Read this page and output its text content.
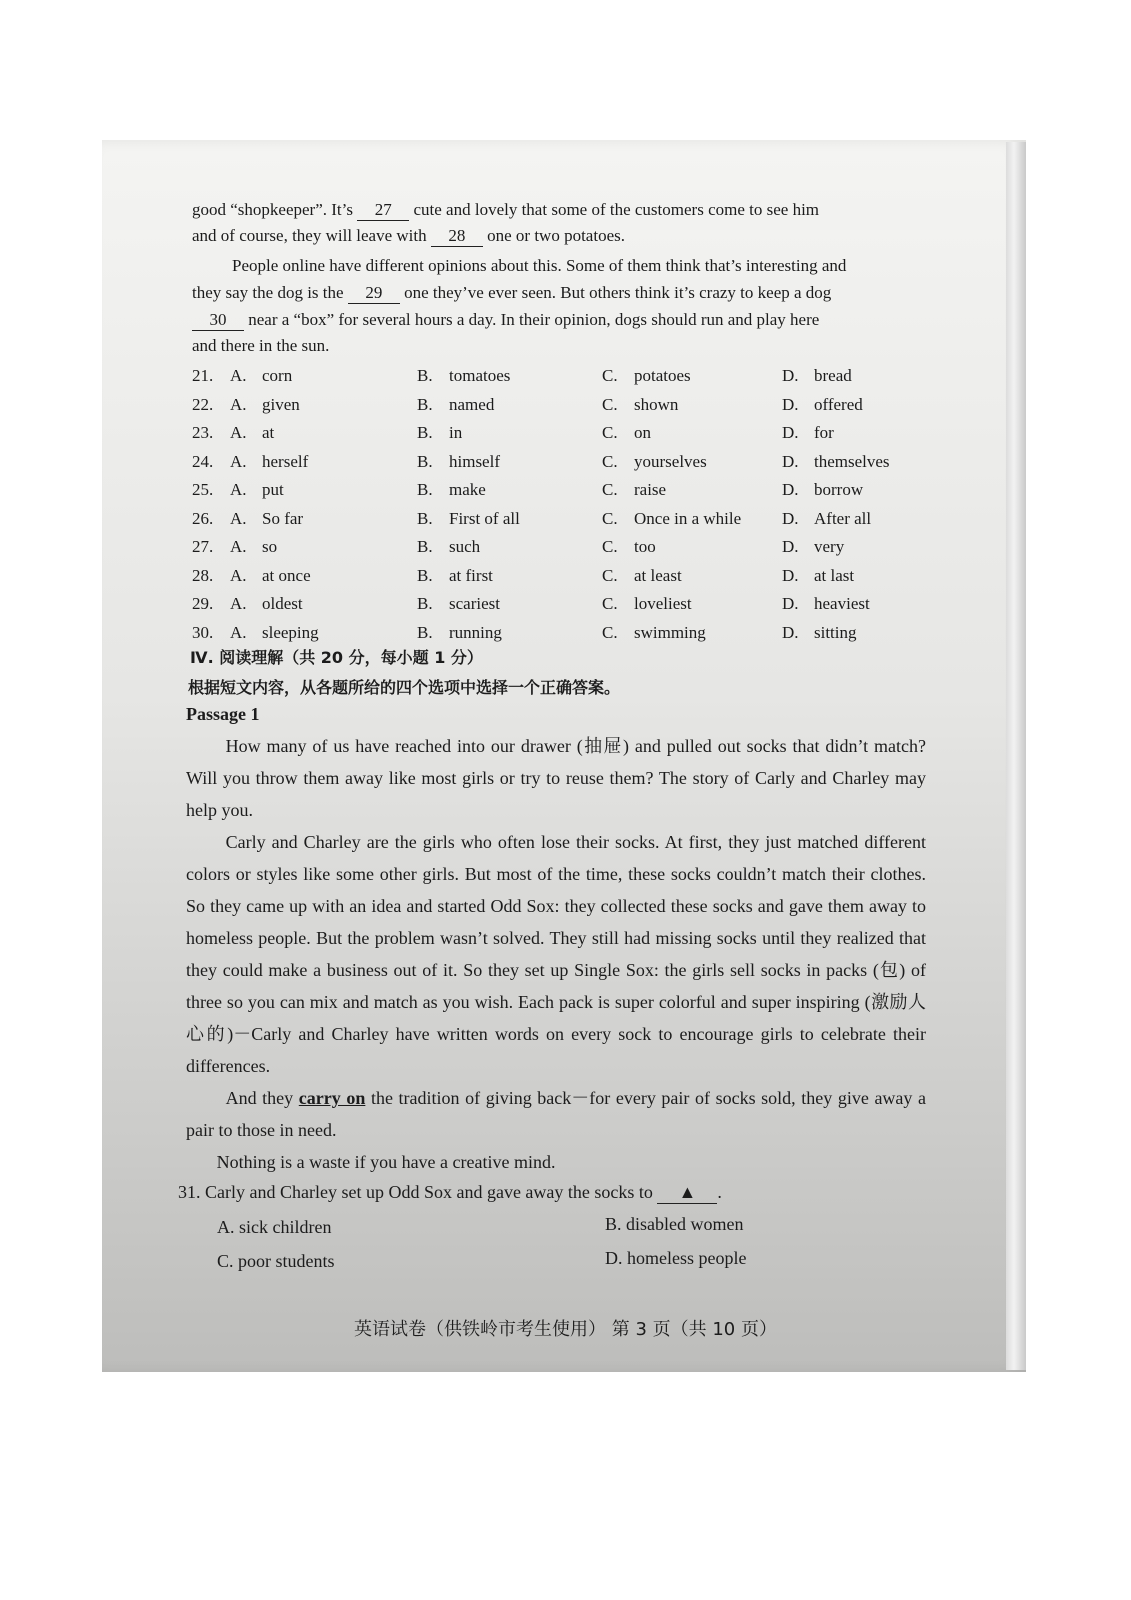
good “shopkeeper”. It’s 27 cute and lovely that some of the customers come to see him
and of course, they will leave with 28 one or two potatoes.
People online have different opinions about this. Some of them think that’s interesting and
they say the dog is the 29 one they’ve ever seen. But others think it’s crazy to keep a dog
30 near a “box” for several hours a day. In their opinion, dogs should run and play here
and there in the sun.
21. A. corn	B. tomatoes	C. potatoes	D. bread
22. A. given	B. named	C. shown	D. offered
23. A. at	B. in	C. on	D. for
24. A. herself	B. himself	C. yourselves	D. themselves
25. A. put	B. make	C. raise	D. borrow
26. A. So far	B. First of all	C. Once in a while D. After all
27. A. so	B. such	C. too	D. very
28. A. at once	B. at first	C. at least	D. at last
29. A. oldest	B. scariest	C. loveliest	D. heaviest
30. A. sleeping	B. running	C. swimming	D. sitting
Ⅳ. 阅读理解（共 20 分，每小题 1 分）
根据短文内容，从各题所给的四个选项中选择一个正确答案。
Passage 1

How many of us have reached into our drawer (抽屉) and pulled out socks that didn’t match? Will you throw them away like most girls or try to reuse them? The story of Carly and Charley may help you.

Carly and Charley are the girls who often lose their socks. At first, they just matched different colors or styles like some other girls. But most of the time, these socks couldn’t match their clothes. So they came up with an idea and started Odd Sox: they collected these socks and gave them away to homeless people. But the problem wasn’t solved. They still had missing socks until they realized that they could make a business out of it. So they set up Single Sox: the girls sell socks in packs (包) of three so you can mix and match as you wish. Each pack is super colorful and super inspiring (激励人心的)－Carly and Charley have written words on every sock to encourage girls to celebrate their differences.

And they carry on the tradition of giving back－for every pair of socks sold, they give away a pair to those in need.

Nothing is a waste if you have a creative mind.

31. Carly and Charley set up Odd Sox and gave away the socks to ▲ .
A. sick children	B. disabled women
C. poor students	D. homeless people
英语试卷（供铁岭市考生使用） 第 3 页（共 10 页）
